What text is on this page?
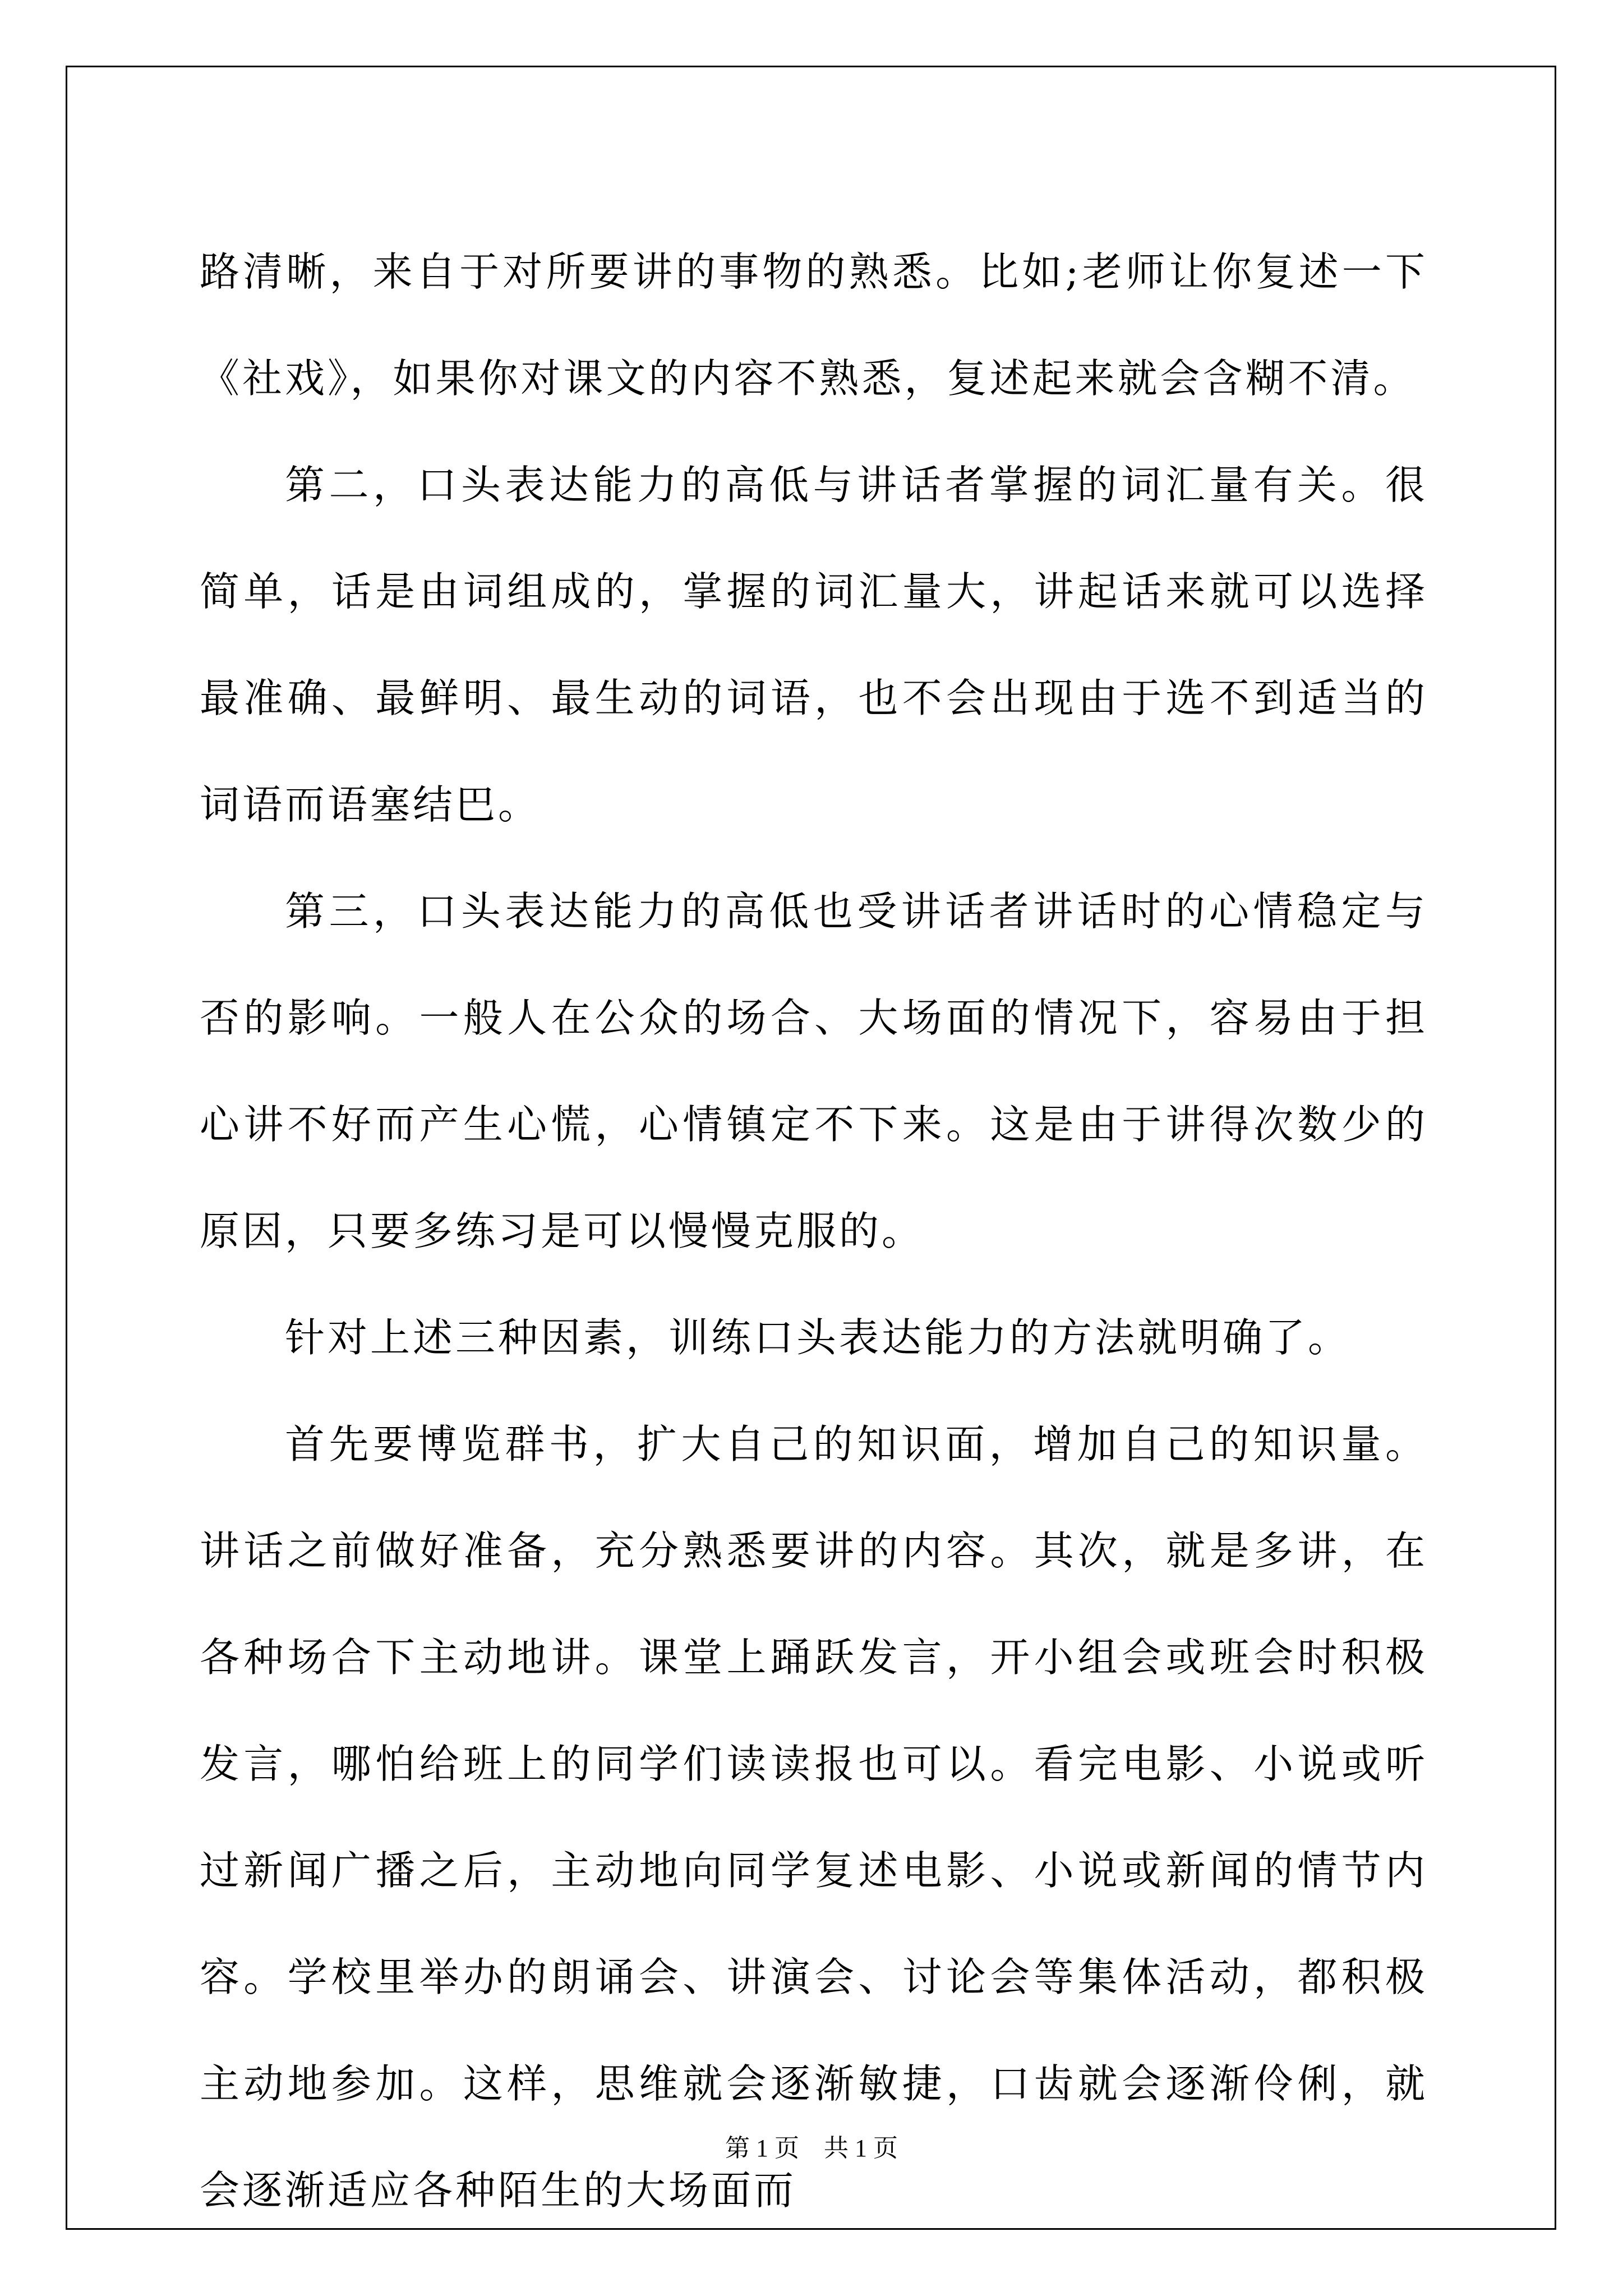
路清晰，来自于对所要讲的事物的熟悉。比如;老师让你复述一下《社戏》，如果你对课文的内容不熟悉，复述起来就会含糊不清。

第二，口头表达能力的高低与讲话者掌握的词汇量有关。很简单，话是由词组成的，掌握的词汇量大，讲起话来就可以选择最准确、最鲜明、最生动的词语，也不会出现由于选不到适当的词语而语塞结巴。

第三，口头表达能力的高低也受讲话者讲话时的心情稳定与否的影响。一般人在公众的场合、大场面的情况下，容易由于担心讲不好而产生心慌，心情镇定不下来。这是由于讲得次数少的原因，只要多练习是可以慢慢克服的。

针对上述三种因素，训练口头表达能力的方法就明确了。

首先要博览群书，扩大自己的知识面，增加自己的知识量。讲话之前做好准备，充分熟悉要讲的内容。其次，就是多讲，在各种场合下主动地讲。课堂上踊跃发言，开小组会或班会时积极发言，哪怕给班上的同学们读读报也可以。看完电影、小说或听过新闻广播之后，主动地向同学复述电影、小说或新闻的情节内容。学校里举办的朗诵会、讲演会、讨论会等集体活动，都积极主动地参加。这样，思维就会逐渐敏捷，口齿就会逐渐伶俐，就会逐渐适应各种陌生的大场面而

第 1 页 共 1 页
